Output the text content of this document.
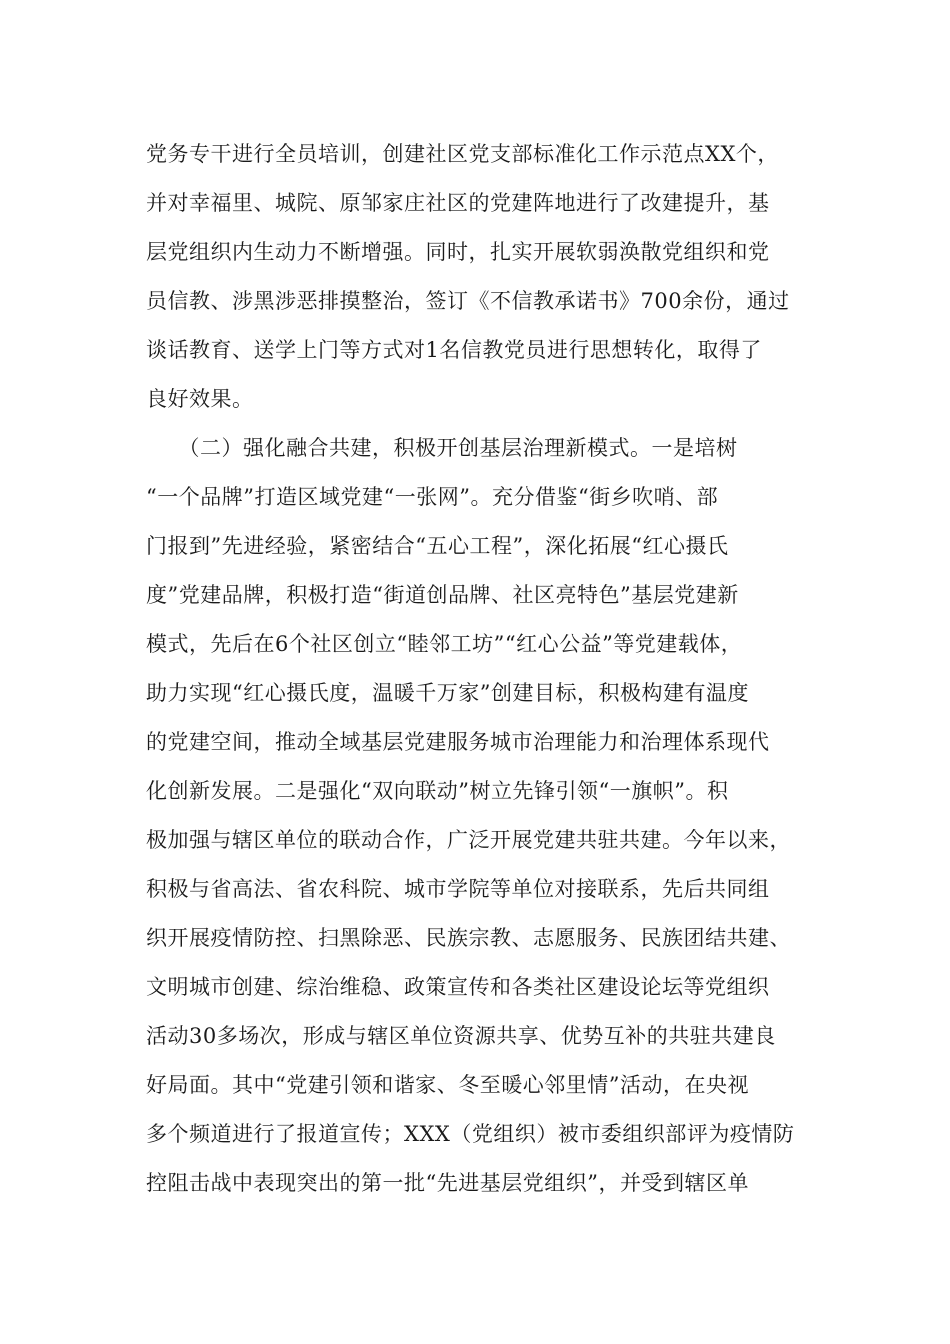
党务专干进行全员培训，创建社区党支部标准化工作示范点XX个，
并对幸福里、城院、原邹家庄社区的党建阵地进行了改建提升，基
层党组织内生动力不断增强。同时，扎实开展软弱涣散党组织和党
员信教、涉黑涉恶排摸整治，签订《不信教承诺书》700余份，通过
谈话教育、送学上门等方式对1名信教党员进行思想转化，取得了
良好效果。
　　（二）强化融合共建，积极开创基层治理新模式。一是培树
“一个品牌”打造区域党建“一张网”。充分借鉴“街乡吹哨、部
门报到”先进经验，紧密结合“五心工程”，深化拓展“红心摄氏
度”党建品牌，积极打造“街道创品牌、社区亮特色”基层党建新
模式，先后在6个社区创立“睦邻工坊”“红心公益”等党建载体，
助力实现“红心摄氏度，温暖千万家”创建目标，积极构建有温度
的党建空间，推动全域基层党建服务城市治理能力和治理体系现代
化创新发展。二是强化“双向联动”树立先锋引领“一旗帜”。积
极加强与辖区单位的联动合作，广泛开展党建共驻共建。今年以来，
积极与省高法、省农科院、城市学院等单位对接联系，先后共同组
织开展疫情防控、扫黑除恶、民族宗教、志愿服务、民族团结共建、
文明城市创建、综治维稳、政策宣传和各类社区建设论坛等党组织
活动30多场次，形成与辖区单位资源共享、优势互补的共驻共建良
好局面。其中“党建引领和谐家、冬至暖心邻里情”活动，在央视
多个频道进行了报道宣传；XXX（党组织）被市委组织部评为疫情防
控阻击战中表现突出的第一批“先进基层党组织”，并受到辖区单
